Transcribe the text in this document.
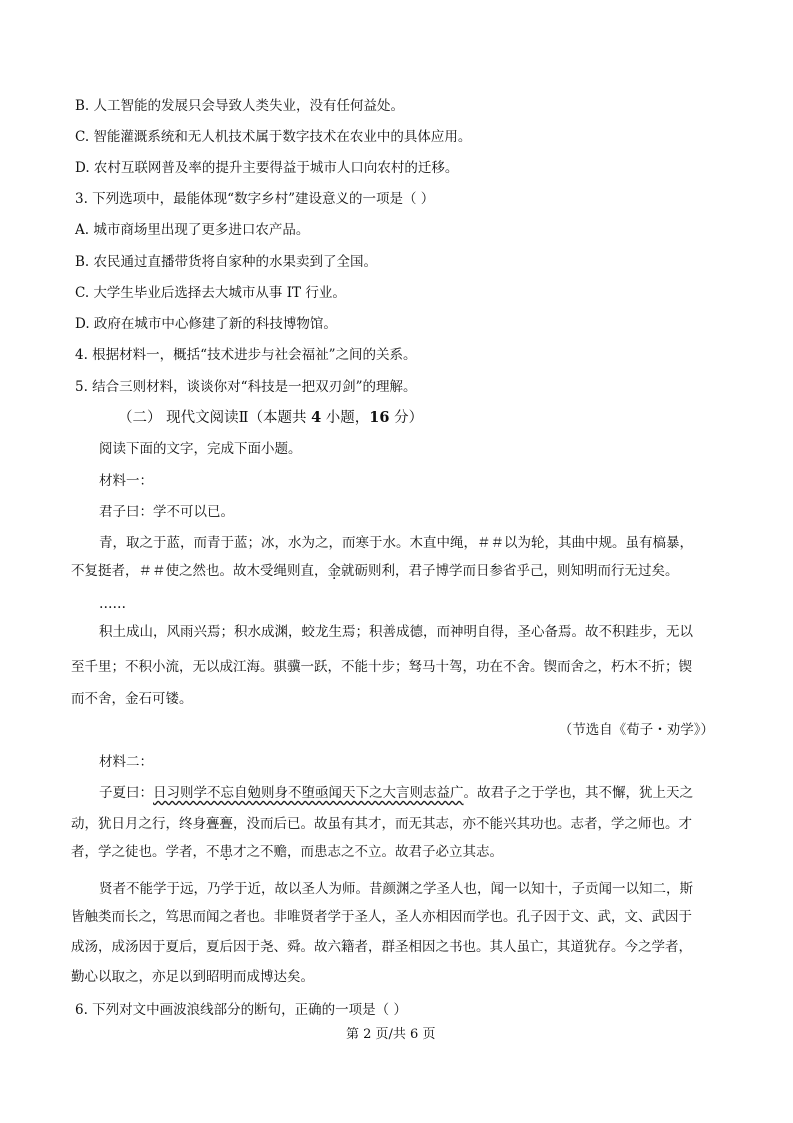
B. 人工智能的发展只会导致人类失业，没有任何益处。
C. 智能灌溉系统和无人机技术属于数字技术在农业中的具体应用。
D. 农村互联网普及率的提升主要得益于城市人口向农村的迁移。
3. 下列选项中，最能体现“数字乡村”建设意义的一项是（ ）
A. 城市商场里出现了更多进口农产品。
B. 农民通过直播带货将自家种的水果卖到了全国。
C. 大学生毕业后选择去大城市从事 IT 行业。
D. 政府在城市中心修建了新的科技博物馆。
4. 根据材料一，概括“技术进步与社会福祉”之间的关系。
5. 结合三则材料，谈谈你对“科技是一把双刃剑”的理解。
（二） 现代文阅读Ⅱ（本题共 4 小题，16 分）
阅读下面的文字，完成下面小题。
材料一：
君子曰：学不可以已。
青，取之于蓝，而青于蓝；冰，水为之，而寒于水。木直中绳，＃＃以为轮，其曲中规。虽有槁暴，
不复挺者，＃＃使之然也。故木受绳则直，金就砺则利，君子博学而日参省乎己，则知明而行无过矣。
……
积土成山，风雨兴焉；积水成渊，蛟龙生焉；积善成德，而神明自得，圣心备焉。故不积跬步，无以
至千里；不积小流，无以成江海。骐骥一跃，不能十步；驽马十驾，功在不舍。锲而舍之，朽木不折；锲
而不舍，金石可镂。
（节选自《荀子・劝学》）
材料二：
子夏曰：日习则学不忘自勉则身不堕亟闻天下之大言则志益广。故君子之于学也，其不懈，犹上天之
动，犹日月之行，终身亹亹，没而后已。故虽有其才，而无其志，亦不能兴其功也。志者，学之师也。才
者，学之徒也。学者，不患才之不赡，而患志之不立。故君子必立其志。
贤者不能学于远，乃学于近，故以圣人为师。昔颜渊之学圣人也，闻一以知十，子贡闻一以知二，斯
皆触类而长之，笃思而闻之者也。非唯贤者学于圣人，圣人亦相因而学也。孔子因于文、武，文、武因于
成汤，成汤因于夏后，夏后因于尧、舜。故六籍者，群圣相因之书也。其人虽亡，其道犹存。今之学者，
勤心以取之，亦足以到昭明而成博达矣。
6. 下列对文中画波浪线部分的断句，正确的一项是（ ）
第 2 页/共 6 页
